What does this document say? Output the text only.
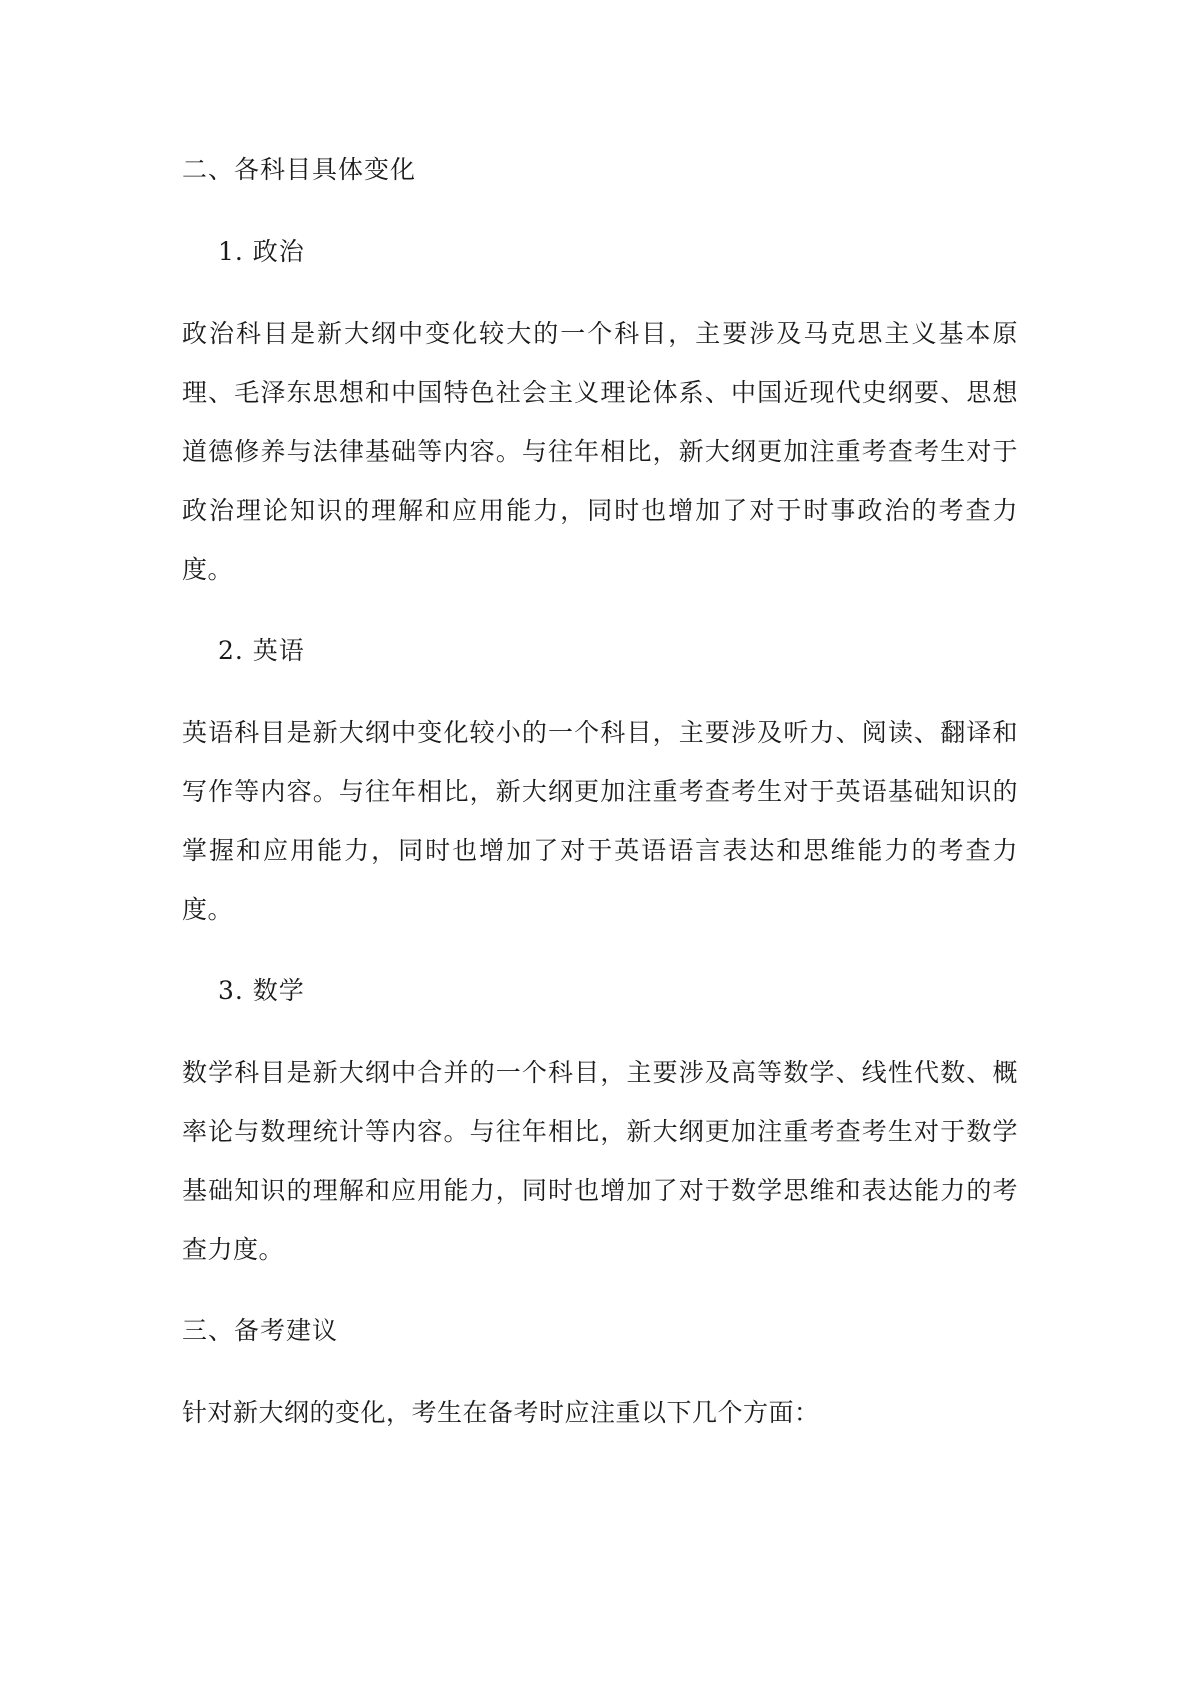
二、各科目具体变化
1. 政治
政治科目是新大纲中变化较大的一个科目，主要涉及马克思主义基本原理、毛泽东思想和中国特色社会主义理论体系、中国近现代史纲要、思想道德修养与法律基础等内容。与往年相比，新大纲更加注重考查考生对于政治理论知识的理解和应用能力，同时也增加了对于时事政治的考查力度。
2. 英语
英语科目是新大纲中变化较小的一个科目，主要涉及听力、阅读、翻译和写作等内容。与往年相比，新大纲更加注重考查考生对于英语基础知识的掌握和应用能力，同时也增加了对于英语语言表达和思维能力的考查力度。
3. 数学
数学科目是新大纲中合并的一个科目，主要涉及高等数学、线性代数、概率论与数理统计等内容。与往年相比，新大纲更加注重考查考生对于数学基础知识的理解和应用能力，同时也增加了对于数学思维和表达能力的考查力度。
三、备考建议
针对新大纲的变化，考生在备考时应注重以下几个方面：
